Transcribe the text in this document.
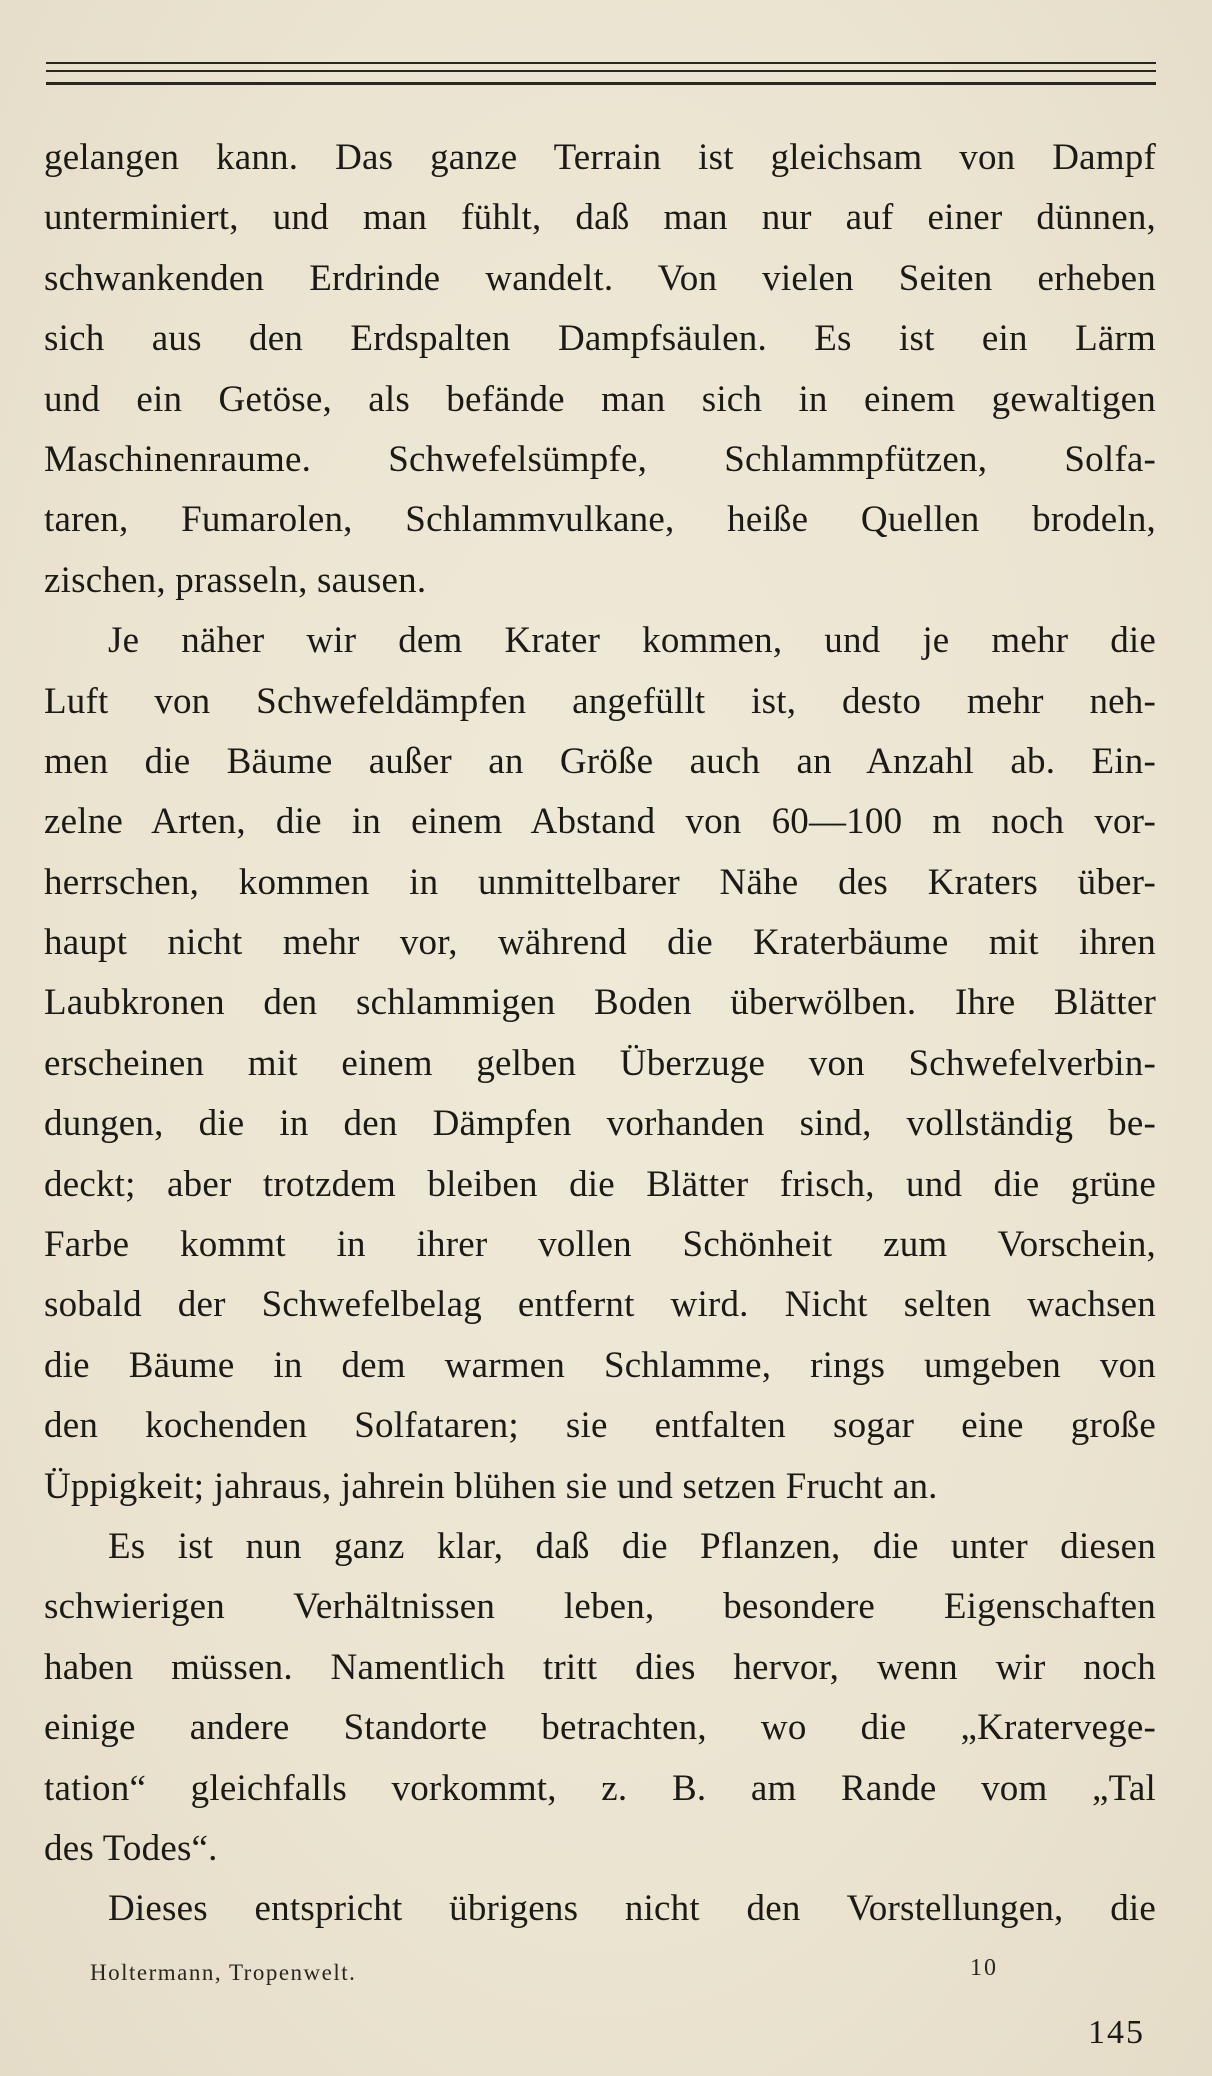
gelangen kann. Das ganze Terrain ist gleichsam von Dampf
unterminiert, und man fühlt, daß man nur auf einer dünnen,
schwankenden Erdrinde wandelt. Von vielen Seiten erheben
sich aus den Erdspalten Dampfsäulen. Es ist ein Lärm
und ein Getöse, als befände man sich in einem gewaltigen
Maschinenraume. Schwefelsümpfe, Schlammpfützen, Solfa-
taren, Fumarolen, Schlammvulkane, heiße Quellen brodeln,
zischen, prasseln, sausen.
Je näher wir dem Krater kommen, und je mehr die
Luft von Schwefeldämpfen angefüllt ist, desto mehr neh-
men die Bäume außer an Größe auch an Anzahl ab. Ein-
zelne Arten, die in einem Abstand von 60—100 m noch vor-
herrschen, kommen in unmittelbarer Nähe des Kraters über-
haupt nicht mehr vor, während die Kraterbäume mit ihren
Laubkronen den schlammigen Boden überwölben. Ihre Blätter
erscheinen mit einem gelben Überzuge von Schwefelverbin-
dungen, die in den Dämpfen vorhanden sind, vollständig be-
deckt; aber trotzdem bleiben die Blätter frisch, und die grüne
Farbe kommt in ihrer vollen Schönheit zum Vorschein,
sobald der Schwefelbelag entfernt wird. Nicht selten wachsen
die Bäume in dem warmen Schlamme, rings umgeben von
den kochenden Solfataren; sie entfalten sogar eine große
Üppigkeit; jahraus, jahrein blühen sie und setzen Frucht an.
Es ist nun ganz klar, daß die Pflanzen, die unter diesen
schwierigen Verhältnissen leben, besondere Eigenschaften
haben müssen. Namentlich tritt dies hervor, wenn wir noch
einige andere Standorte betrachten, wo die „Kratervege-
tation“ gleichfalls vorkommt, z. B. am Rande vom „Tal
des Todes“.
Dieses entspricht übrigens nicht den Vorstellungen, die
Holtermann, Tropenwelt.	10
145
